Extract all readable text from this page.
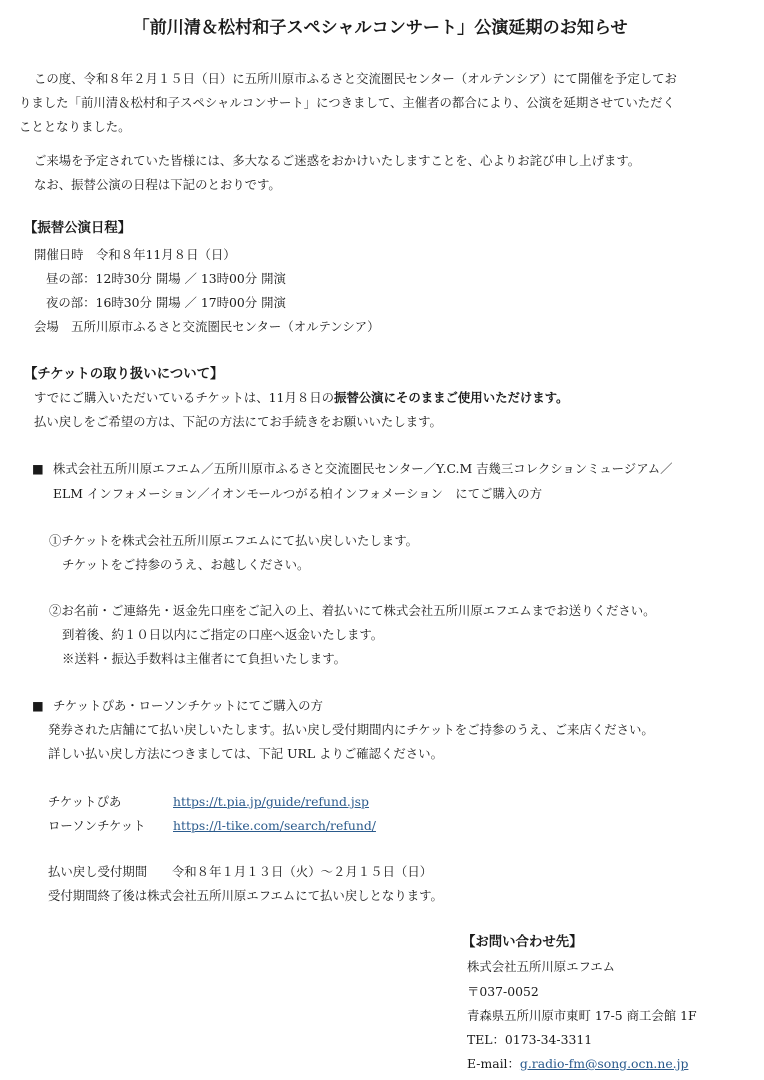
「前川清＆松村和子スペシャルコンサート」公演延期のお知らせ
この度、令和８年２月１５日（日）に五所川原市ふるさと交流圏民センター（オルテンシア）にて開催を予定してお
りました「前川清＆松村和子スペシャルコンサート」につきまして、主催者の都合により、公演を延期させていただく
こととなりました。
ご来場を予定されていた皆様には、多大なるご迷惑をおかけいたしますことを、心よりお詫び申し上げます。
なお、振替公演の日程は下記のとおりです。
【振替公演日程】
開催日時　令和８年11月８日（日）
昼の部：12時30分 開場 ／ 13時00分 開演
夜の部：16時30分 開場 ／ 17時00分 開演
会場　五所川原市ふるさと交流圏民センター（オルテンシア）
【チケットの取り扱いについて】
すでにご購入いただいているチケットは、11月８日の振替公演にそのままご使用いただけます。
払い戻しをご希望の方は、下記の方法にてお手続きをお願いいたします。
■ 株式会社五所川原エフエム／五所川原市ふるさと交流圏民センター／Y.C.M 吉幾三コレクションミュージアム／
ELM インフォメーション／イオンモールつがる柏インフォメーション　にてご購入の方
①チケットを株式会社五所川原エフエムにて払い戻しいたします。
チケットをご持参のうえ、お越しください。
②お名前・ご連絡先・返金先口座をご記入の上、着払いにて株式会社五所川原エフエムまでお送りください。
到着後、約１０日以内にご指定の口座へ返金いたします。
※送料・振込手数料は主催者にて負担いたします。
■ チケットぴあ・ローソンチケットにてご購入の方
発券された店舗にて払い戻しいたします。払い戻し受付期間内にチケットをご持参のうえ、ご来店ください。
詳しい払い戻し方法につきましては、下記 URL よりご確認ください。
チケットぴあ	https://t.pia.jp/guide/refund.jsp
ローソンチケット https://l-tike.com/search/refund/
払い戻し受付期間　　令和８年１月１３日（火）～２月１５日（日）
受付期間終了後は株式会社五所川原エフエムにて払い戻しとなります。
【お問い合わせ先】
株式会社五所川原エフエム
〒037-0052
青森県五所川原市東町 17-5 商工会館 1F
TEL：0173-34-3311
E-mail：g.radio-fm@song.ocn.ne.jp
